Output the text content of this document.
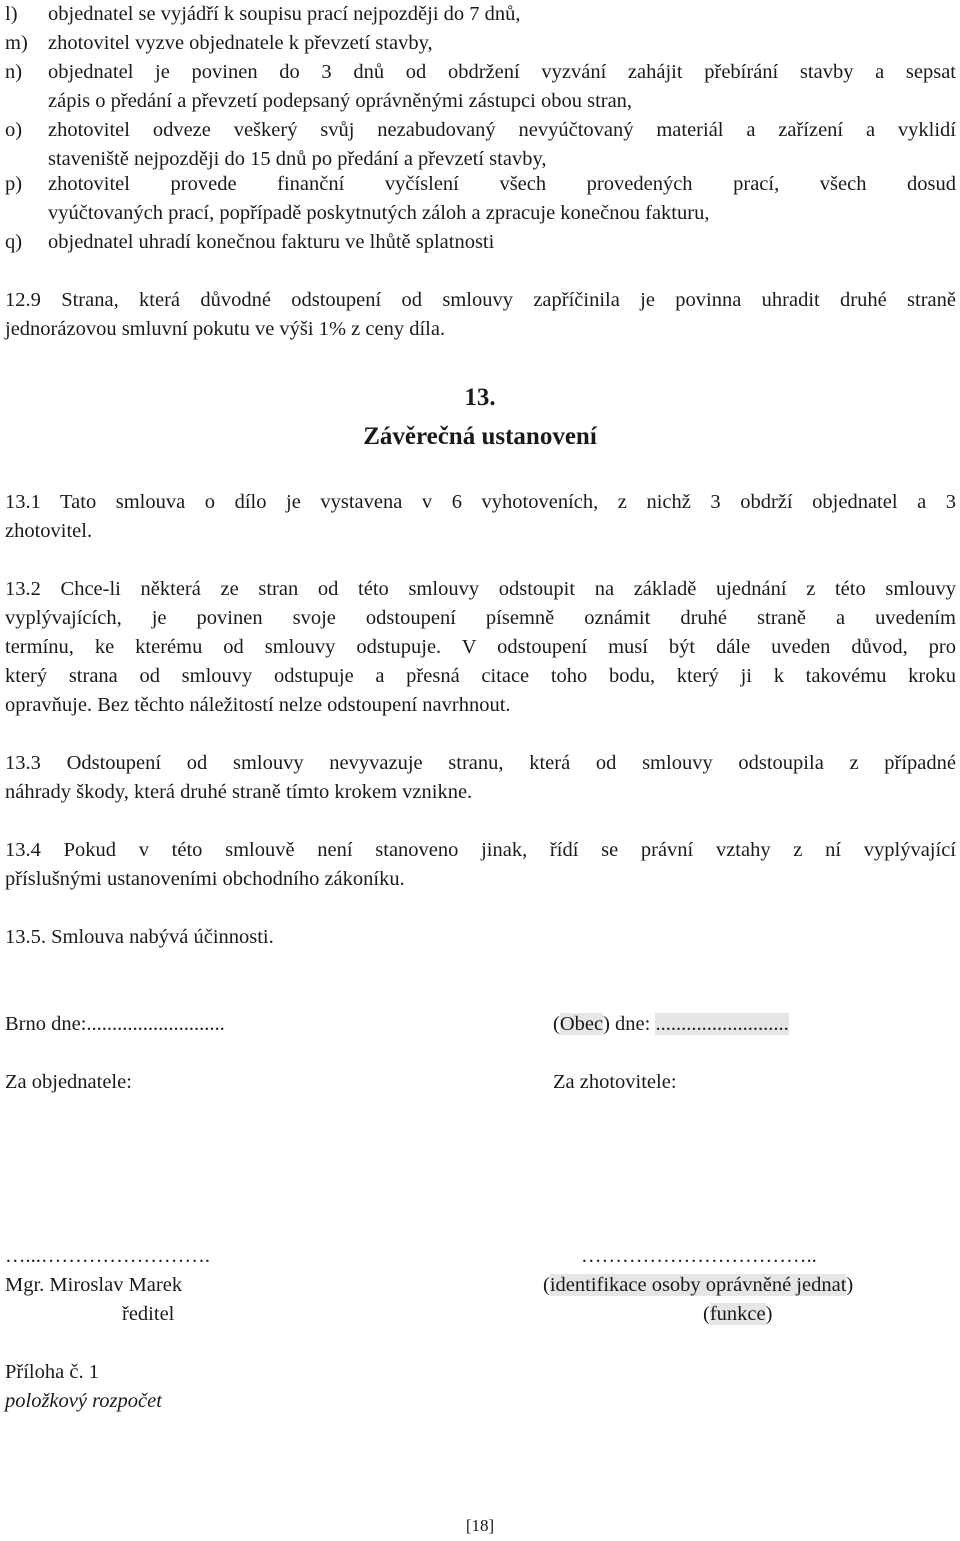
l) objednatel se vyjádří k soupisu prací nejpozději do 7 dnů,
m) zhotovitel vyzve objednatele k převzetí stavby,
n) objednatel je povinen do 3 dnů od obdržení vyzvání zahájit přebírání stavby a sepsat
zápis o předání a převzetí podepsaný oprávněnými zástupci obou stran,
o) zhotovitel odveze veškerý svůj nezabudovaný nevyúčtovaný materiál a zařízení a vyklidí
staveniště nejpozději do 15 dnů po předání a převzetí stavby,
p) zhotovitel provede finanční vyčíslení všech provedených prací, všech dosud
vyúčtovaných prací, popřípadě poskytnutých záloh a zpracuje konečnou fakturu,
q) objednatel uhradí konečnou fakturu ve lhůtě splatnosti
12.9 Strana, která důvodné odstoupení od smlouvy zapříčinila je povinna uhradit druhé straně
jednorázovou smluvní pokutu ve výši 1% z ceny díla.
13.
Závěrečná ustanovení
13.1 Tato smlouva o dílo je vystavena v 6 vyhotoveních, z nichž 3 obdrží objednatel a 3
zhotovitel.
13.2 Chce-li některá ze stran od této smlouvy odstoupit na základě ujednání z této smlouvy
vyplývajících, je povinen svoje odstoupení písemně oznámit druhé straně a uvedením
termínu, ke kterému od smlouvy odstupuje. V odstoupení musí být dále uveden důvod, pro
který strana od smlouvy odstupuje a přesná citace toho bodu, který ji k takovému kroku
opravňuje. Bez těchto náležitostí nelze odstoupení navrhnout.
13.3 Odstoupení od smlouvy nevyvazuje stranu, která od smlouvy odstoupila z případné
náhrady škody, která druhé straně tímto krokem vznikne.
13.4 Pokud v této smlouvě není stanoveno jinak, řídí se právní vztahy z ní vyplývající
příslušnými ustanoveními obchodního zákoníku.
13.5. Smlouva nabývá účinnosti.
Brno dne:...........................	(Obec) dne: ..........................
Za objednatele:	Za zhotovitele:
…...…………………….	……………………………..
Mgr. Miroslav Marek	(identifikace osoby oprávněné jednat)
ředitel	(funkce)
Příloha č. 1
položkový rozpočet
[18]
